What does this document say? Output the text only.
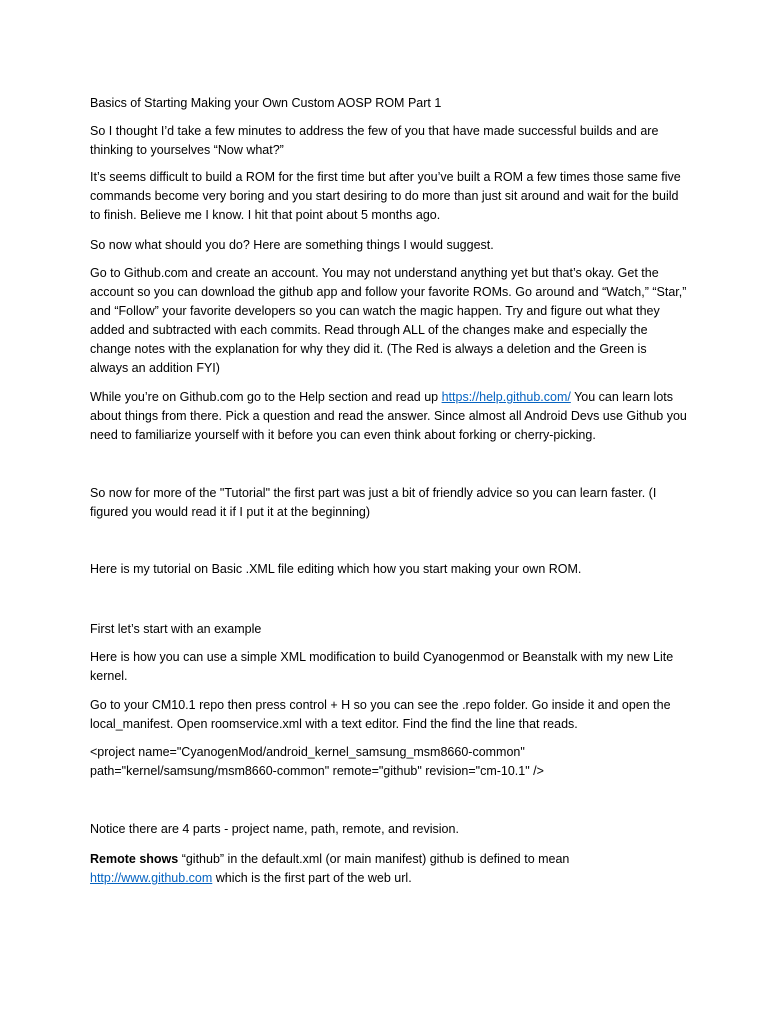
Basics of Starting Making your Own Custom AOSP ROM Part 1

So I thought I’d take a few minutes to address the few of you that have made successful builds and are thinking to yourselves “Now what?”

It’s seems difficult to build a ROM for the first time but after you’ve built a ROM a few times those same five commands become very boring and you start desiring to do more than just sit around and wait for the build to finish. Believe me I know. I hit that point about 5 months ago.

So now what should you do? Here are something things I would suggest.

Go to Github.com and create an account. You may not understand anything yet but that’s okay. Get the account so you can download the github app and follow your favorite ROMs. Go around and “Watch,” “Star,” and “Follow” your favorite developers so you can watch the magic happen. Try and figure out what they added and subtracted with each commits. Read through ALL of the changes make and especially the change notes with the explanation for why they did it. (The Red is always a deletion and the Green is always an addition FYI)

While you’re on Github.com go to the Help section and read up https://help.github.com/ You can learn lots about things from there. Pick a question and read the answer. Since almost all Android Devs use Github you need to familiarize yourself with it before you can even think about forking or cherry-picking.

So now for more of the "Tutorial" the first part was just a bit of friendly advice so you can learn faster. (I figured you would read it if I put it at the beginning)

Here is my tutorial on Basic .XML file editing which how you start making your own ROM.

First let’s start with an example

Here is how you can use a simple XML modification to build Cyanogenmod or Beanstalk with my new Lite kernel.

Go to your CM10.1 repo then press control + H so you can see the .repo folder. Go inside it and open the local_manifest. Open roomservice.xml with a text editor. Find the find the line that reads.

<project name="CyanogenMod/android_kernel_samsung_msm8660-common" path="kernel/samsung/msm8660-common" remote="github" revision="cm-10.1" />

Notice there are 4 parts - project name, path, remote, and revision.

Remote shows “github” in the default.xml (or main manifest) github is defined to mean http://www.github.com which is the first part of the web url.
